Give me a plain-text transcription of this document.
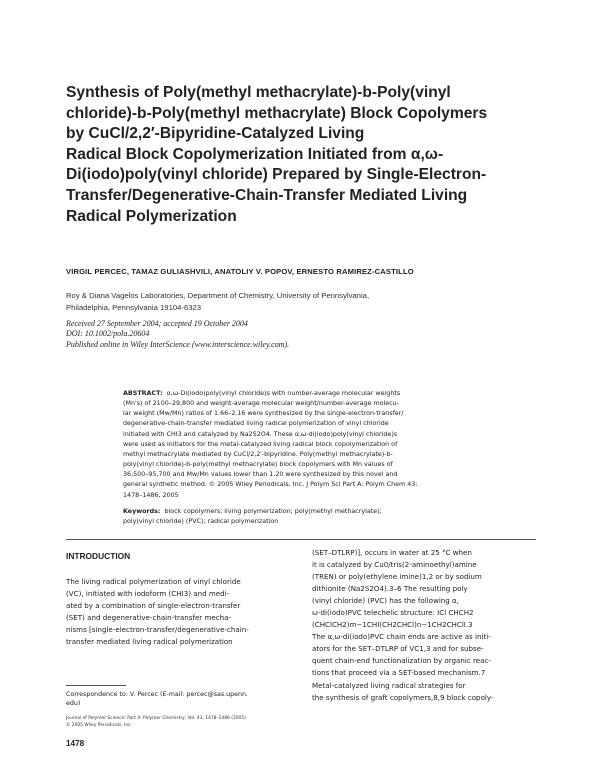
Synthesis of Poly(methyl methacrylate)-b-Poly(vinyl
chloride)-b-Poly(methyl methacrylate) Block Copolymers
by CuCl/2,2′-Bipyridine-Catalyzed Living
Radical Block Copolymerization Initiated from α,ω-
Di(iodo)poly(vinyl chloride) Prepared by Single-Electron-
Transfer/Degenerative-Chain-Transfer Mediated Living
Radical Polymerization
VIRGIL PERCEC, TAMAZ GULIASHVILI, ANATOLIY V. POPOV, ERNESTO RAMIREZ-CASTILLO
Roy & Diana Vagelos Laboratories, Department of Chemistry, University of Pennsylvania,
Philadelphia, Pennsylvania 19104-6323
Received 27 September 2004; accepted 19 October 2004
DOI: 10.1002/pola.20604
Published online in Wiley InterScience (www.interscience.wiley.com).
ABSTRACT: α,ω-Di(iodo)poly(vinyl chloride)s with number-average molecular weights
(Mn's) of 2100–29,800 and weight-average molecular weight/number-average molecu-
lar weight (Mw/Mn) ratios of 1.66–2.16 were synthesized by the single-electron-transfer/
degenerative-chain-transfer mediated living radical polymerization of vinyl chloride
initiated with CHI3 and catalyzed by Na2S2O4. These α,ω-di(iodo)poly(vinyl chloride)s
were used as initiators for the metal-catalyzed living radical block copolymerization of
methyl methacrylate mediated by CuCl/2,2′-bipyridine. Poly(methyl methacrylate)-b-
poly(vinyl chloride)-b-poly(methyl methacrylate) block copolymers with Mn values of
36,500–95,700 and Mw/Mn values lower than 1.20 were synthesized by this novel and
general synthetic method. © 2005 Wiley Periodicals, Inc. J Polym Sci Part A: Polym Chem 43:
1478–1486, 2005
Keywords: block copolymers; living polymerization; poly(methyl methacrylate);
poly(vinyl chloride) (PVC); radical polymerization
INTRODUCTION
The living radical polymerization of vinyl chloride
(VC), initiated with iodoform (CHI3) and medi-
ated by a combination of single-electron-transfer
(SET) and degenerative-chain-transfer mecha-
nisms [single-electron-transfer/degenerative-chain-
transfer mediated living radical polymerization
(SET–DTLRP)], occurs in water at 25 °C when
it is catalyzed by Cu0/tris(2-aminoethyl)amine
(TREN) or poly(ethylene imine)1,2 or by sodium
dithionite (Na2S2O4).3–6 The resulting poly
(vinyl chloride) (PVC) has the following α,
ω-di(iodo)PVC telechelic structure: ICl CHCH2
(CHClCH2)m−1CHI(CH2CHCl)n−1CH2CHClI.3
The α,ω-di(iodo)PVC chain ends are active as initi-
ators for the SET–DTLRP of VC1,3 and for subse-
quent chain-end functionalization by organic reac-
tions that proceed via a SET-based mechanism.7
Metal-catalyzed living radical strategies for
the synthesis of graft copolymers,8,9 block copoly-
Correspondence to: V. Percec (E-mail: percec@sas.upenn.
edu)
Journal of Polymer Science: Part A: Polymer Chemistry, Vol. 43, 1478–1486 (2005)
© 2005 Wiley Periodicals, Inc.
1478
